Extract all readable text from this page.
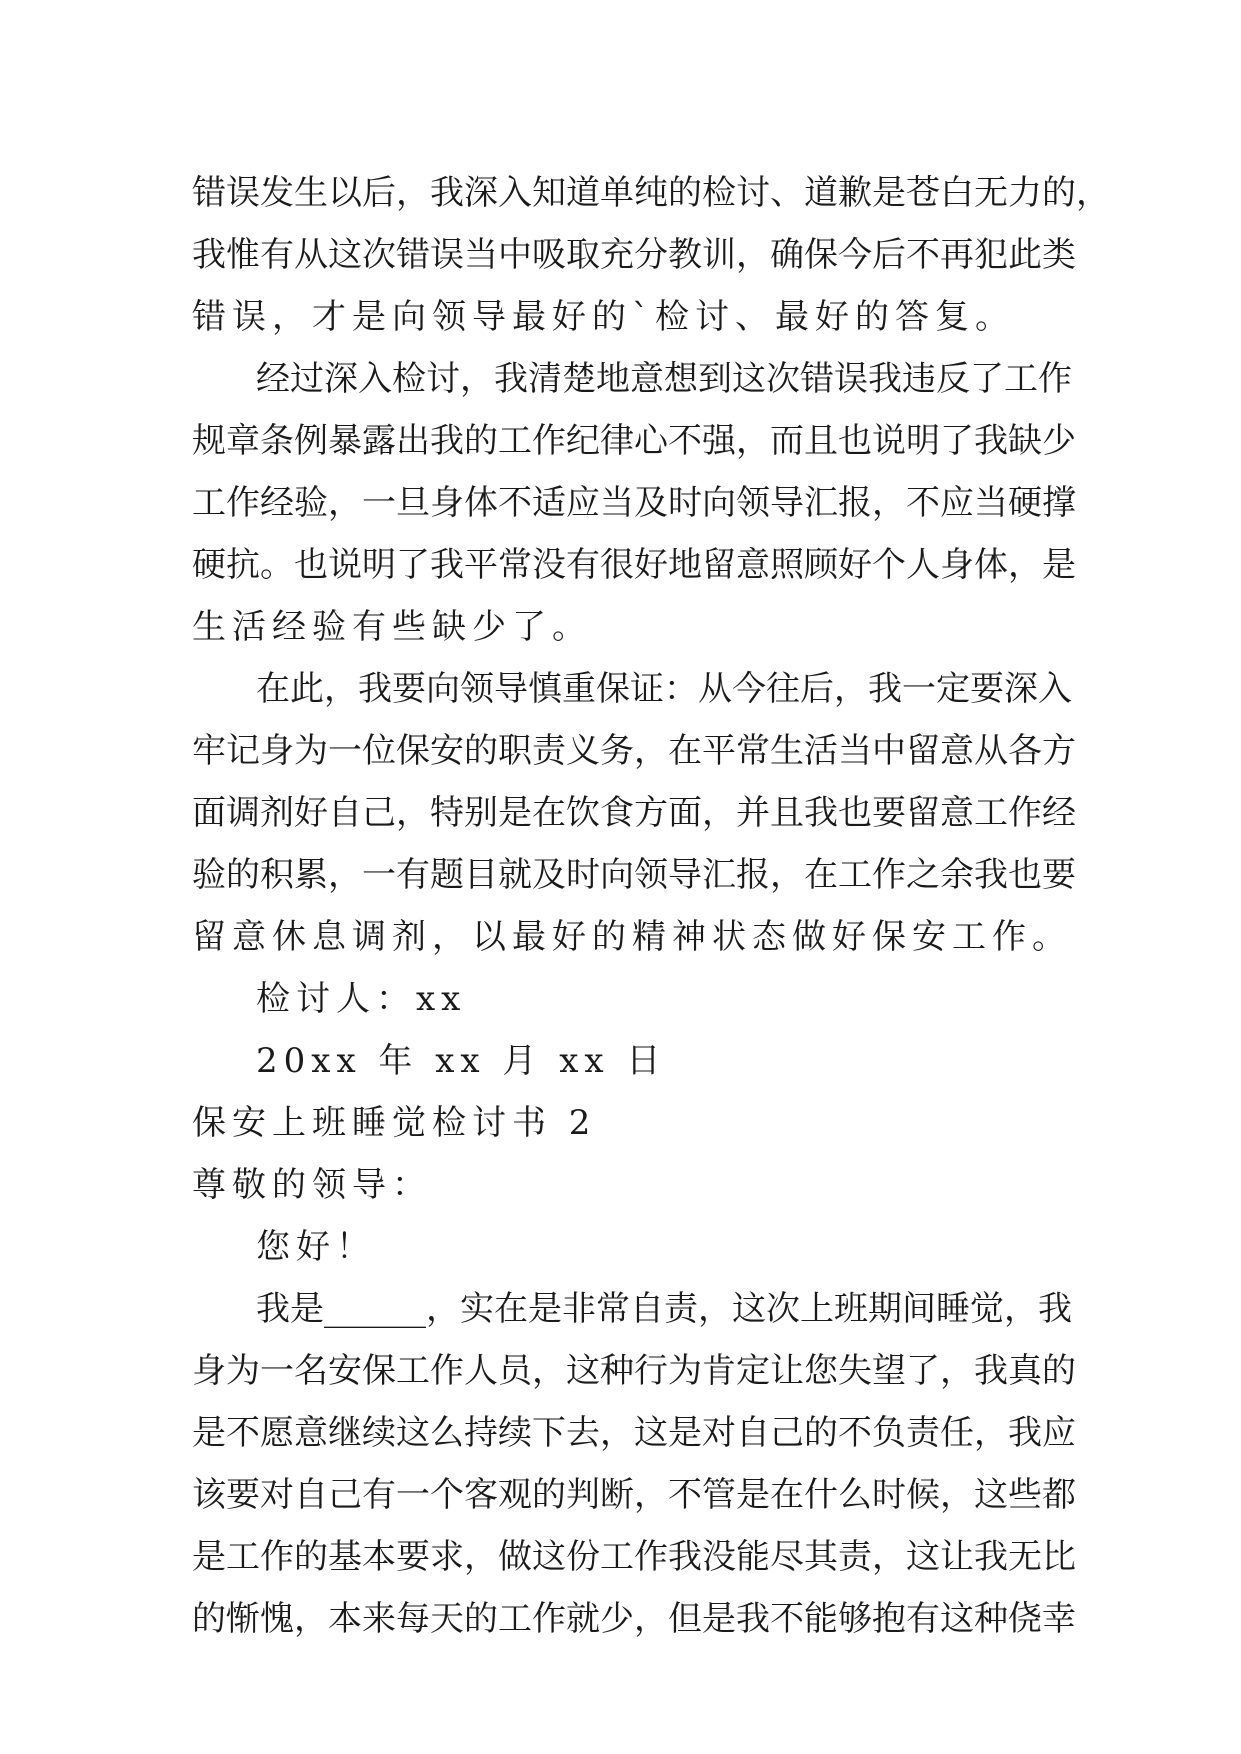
错误发生以后，我深入知道单纯的检讨、道歉是苍白无力的，
我惟有从这次错误当中吸取充分教训，确保今后不再犯此类
错误，才是向领导最好的`检讨、最好的答复。
经过深入检讨，我清楚地意想到这次错误我违反了工作
规章条例暴露出我的工作纪律心不强，而且也说明了我缺少
工作经验，一旦身体不适应当及时向领导汇报，不应当硬撑
硬抗。也说明了我平常没有很好地留意照顾好个人身体，是
生活经验有些缺少了。
在此，我要向领导慎重保证：从今往后，我一定要深入
牢记身为一位保安的职责义务，在平常生活当中留意从各方
面调剂好自己，特别是在饮食方面，并且我也要留意工作经
验的积累，一有题目就及时向领导汇报，在工作之余我也要
留意休息调剂，以最好的精神状态做好保安工作。
检讨人：xx
20xx 年 xx 月 xx 日
保安上班睡觉检讨书 2
尊敬的领导：
您好！
我是______，实在是非常自责，这次上班期间睡觉，我
身为一名安保工作人员，这种行为肯定让您失望了，我真的
是不愿意继续这么持续下去，这是对自己的不负责任，我应
该要对自己有一个客观的判断，不管是在什么时候，这些都
是工作的基本要求，做这份工作我没能尽其责，这让我无比
的惭愧，本来每天的工作就少，但是我不能够抱有这种侥幸
